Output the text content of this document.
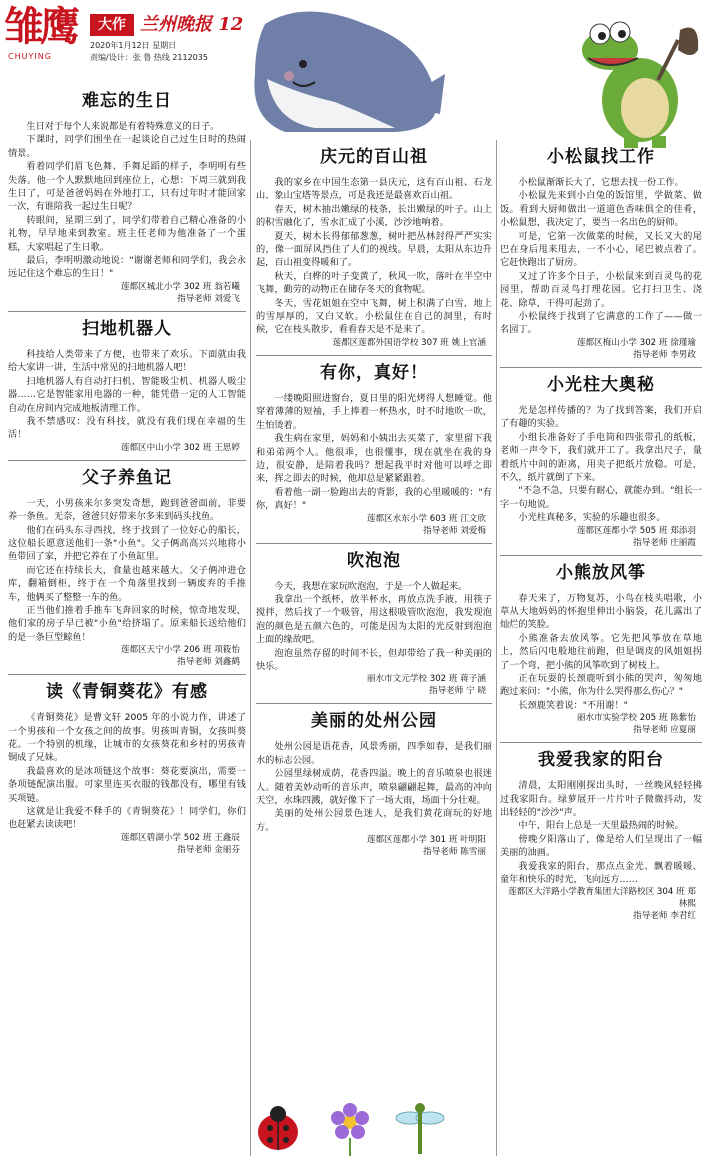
雏鹰
CHUYING
大作 兰州晚报 12
2020年1月12日 星期日
责编/设计：张 鲁 热线 2112035
难忘的生日

生日对于每个人来说都是有着特殊意义的日子。

下课时，同学们围坐在一起谈论自己过生日时的热闹情景。

看着同学们眉飞色舞、手舞足蹈的样子，李明明有些失落。他一个人默默地回到座位上，心想：下周三就到我生日了，可是爸爸妈妈在外地打工，只有过年时才能回家一次，有谁陪我一起过生日呢？

转眼间，星期三到了，同学们带着自己精心准备的小礼物，早早地来到教室。班主任老师为他准备了一个蛋糕，大家唱起了生日歌。

最后，李明明激动地说："谢谢老师和同学们，我会永远记住这个难忘的生日！"

莲都区城北小学 302 班 翁若曦
指导老师 刘爱飞
扫地机器人

科技给人类带来了方便，也带来了欢乐。下面就由我给大家讲一讲，生活中常见的扫地机器人吧！

扫地机器人有自动打扫机、智能吸尘机、机器人吸尘器……它是智能家用电器的一种，能凭借一定的人工智能自动在房间内完成地板清理工作。

我不禁感叹：没有科技，就没有我们现在幸福的生活！

莲都区中山小学 302 班 王思婷
父子养鱼记

一天，小男孩来尔多突发奇想，跑到爸爸面前，非要养一条鱼。无奈，爸爸只好带来尔多来到码头找鱼。

他们在码头东寻西找，终于找到了一位好心的船长，这位船长愿意送他们一条"小鱼"。父子俩高高兴兴地将小鱼带回了家，并把它养在了小鱼缸里。

而它还在持续长大，食量也越来越大。父子俩冲进仓库，翻箱倒柜，终于在一个角落里找到一辆废弃的手推车，他俩买了整整一车的鱼。

正当他们推着手推车飞奔回家的时候，惊奇地发现，他们家的房子早已被"小鱼"给挤塌了。原来船长送给他们的是一条巨型鲸鱼！

莲都区天宁小学 206 班 项筱怡
指导老师 刘鑫鹤
读《青铜葵花》有感

《青铜葵花》是曹文轩 2005 年的小说力作，讲述了一个男孩和一个女孩之间的故事。男孩叫青铜，女孩叫葵花。一个特别的机缘，让城市的女孩葵花和乡村的男孩青铜成了兄妹。

我最喜欢的是冰项链这个故事：葵花要演出，需要一条项链配演出服。可家里连买衣服的钱都没有，哪里有钱买项链。

这就是让我爱不释手的《青铜葵花》！同学们，你们也赶紧去读读吧！

莲都区碧湖小学 502 班 王鑫辰
指导老师 金丽芬
庆元的百山祖

我的家乡在中国生态第一县庆元，这有百山祖、石龙山、象山宝塔等景点，可是我还是最喜欢百山祖。

春天，树木抽出嫩绿的枝条，长出嫩绿的叶子。山上的积雪融化了，雪水汇成了小溪，沙沙地响着。

夏天，树木长得郁郁葱葱，树叶把丛林封得严严实实的，像一面屏风挡住了人们的视线。早晨，太阳从东边升起，百山祖变得暖和了。

秋天，白桦的叶子变黄了，秋风一吹，落叶在半空中飞舞，勤劳的动物正在储存冬天的食物呢。

冬天，雪花姐姐在空中飞舞，树上积满了白雪，地上的雪厚厚的，又白又软。小松鼠住在自己的洞里，有时候，它在枝头散步，看看春天是不是来了。

莲都区莲都外国语学校 307 班 姚上官涵
有你，真好！

一缕晚阳照进窗台，夏日里的阳光烤得人想睡觉。他穿着薄薄的短袖，手上捧着一杯热水，时不时地吹一吹，生怕烫着。

我生病在家里，妈妈和小姨出去买菜了，家里留下我和弟弟两个人。他很乖，也很懂事，现在就坐在我的身边，很安静，是陪着我吗？想起我平时对他可以呼之即来，挥之即去的时候，他却总是紧紧跟着。

看着他一副一脸跑出去的背影，我的心里暖暖的："有你，真好！"

莲都区水东小学 603 班 江文欣
指导老师 刘爱梅
吹泡泡

今天，我想在家玩吹泡泡，于是一个人做起来。

我拿出一个纸杯，放半杯水，再放点洗手液，用筷子搅拌，然后找了一个吸管，用这根吸管吹泡泡，我发现泡泡的颜色是五颜六色的，可能是因为太阳的光反射到泡泡上面的缘故吧。

泡泡虽然存留的时间不长，但却带给了我一种美丽的快乐。

丽水市文元学校 302 班 蒋子涵
指导老师 宁 晓
美丽的处州公园

处州公园是语花香，风景秀丽，四季如春，是我们丽水的标志公园。

公园里绿树成荫，花香四溢。晚上的音乐喷泉也很迷人。随着美妙动听的音乐声，喷泉翩翩起舞，最高的冲向天空，水珠四溅，就好像下了一场大雨，场面十分壮观。

美丽的处州公园景色迷人，是我们黄花商玩的好地方。

莲都区莲都小学 301 班 叶明阳
指导老师 陈雪丽
小松鼠找工作

小松鼠渐渐长大了，它想去找一份工作。

小松鼠先来到小白兔的饭馆里，学做菜、做饭。看到大厨师做出一道道色香味俱全的佳肴，小松鼠想，我决定了，要当一名出色的厨师。

可是，它第一次做菜的时候，又长又大的尾巴在身后甩来甩去，一不小心，尾巴被点着了。它赶快跑出了厨房。

又过了许多个日子，小松鼠来到百灵鸟的花园里，帮助百灵鸟打理花园。它打扫卫生、浇花、除草，干得可起劲了。

小松鼠终于找到了它满意的工作了——做一名园丁。

莲都区梅山小学 302 班 徐瑾瑜
指导老师 李男政
小光柱大奥秘

光是怎样传播的？为了找到答案，我们开启了有趣的实验。

小组长准备好了手电筒和四张带孔的纸板，老师一声令下，我们就开工了。我拿出尺子，量着纸片中间的距离，用夹子把纸片放稳。可是，不久，纸片就倒了下来。

"不急不急，只要有耐心，就能办到。"组长一字一句地说。

小光柱真秘多，实验的乐趣也很多。

莲都区莲都小学 505 班 郑添羽
指导老师 庄丽霞
小熊放风筝

春天来了，万物复苏，小鸟在枝头唱歌，小草从大地妈妈的怀抱里伸出小脑袋，花儿露出了灿烂的笑脸。

小熊准备去放风筝。它先把风筝放在草地上，然后闪电般地往前跑，但是调皮的风姐姐拐了一个弯，把小熊的风筝吹到了树枝上。

正在玩耍的长颈鹿听到小熊的哭声，匆匆地跑过来问："小熊，你为什么哭得那么伤心？"

长颈鹿笑着说："不用谢！"

丽水市实验学校 205 班 陈紫怡
指导老师 应夏丽
我爱我家的阳台

清晨，太阳刚刚探出头时，一丝晚风轻轻拂过我家阳台。绿萝展开一片片叶子微微抖动，发出轻轻的"沙沙"声。

中午，阳台上总是一天里最热闹的时候。

傍晚夕阳落山了，像是给人们呈现出了一幅美丽的油画。

我爱我家的阳台，那点点金光、飘着暖暖、童年和快乐的时光，飞向远方……

莲都区大洋路小学教育集团大洋路校区 304 班 郑林熙
指导老师 李君红
